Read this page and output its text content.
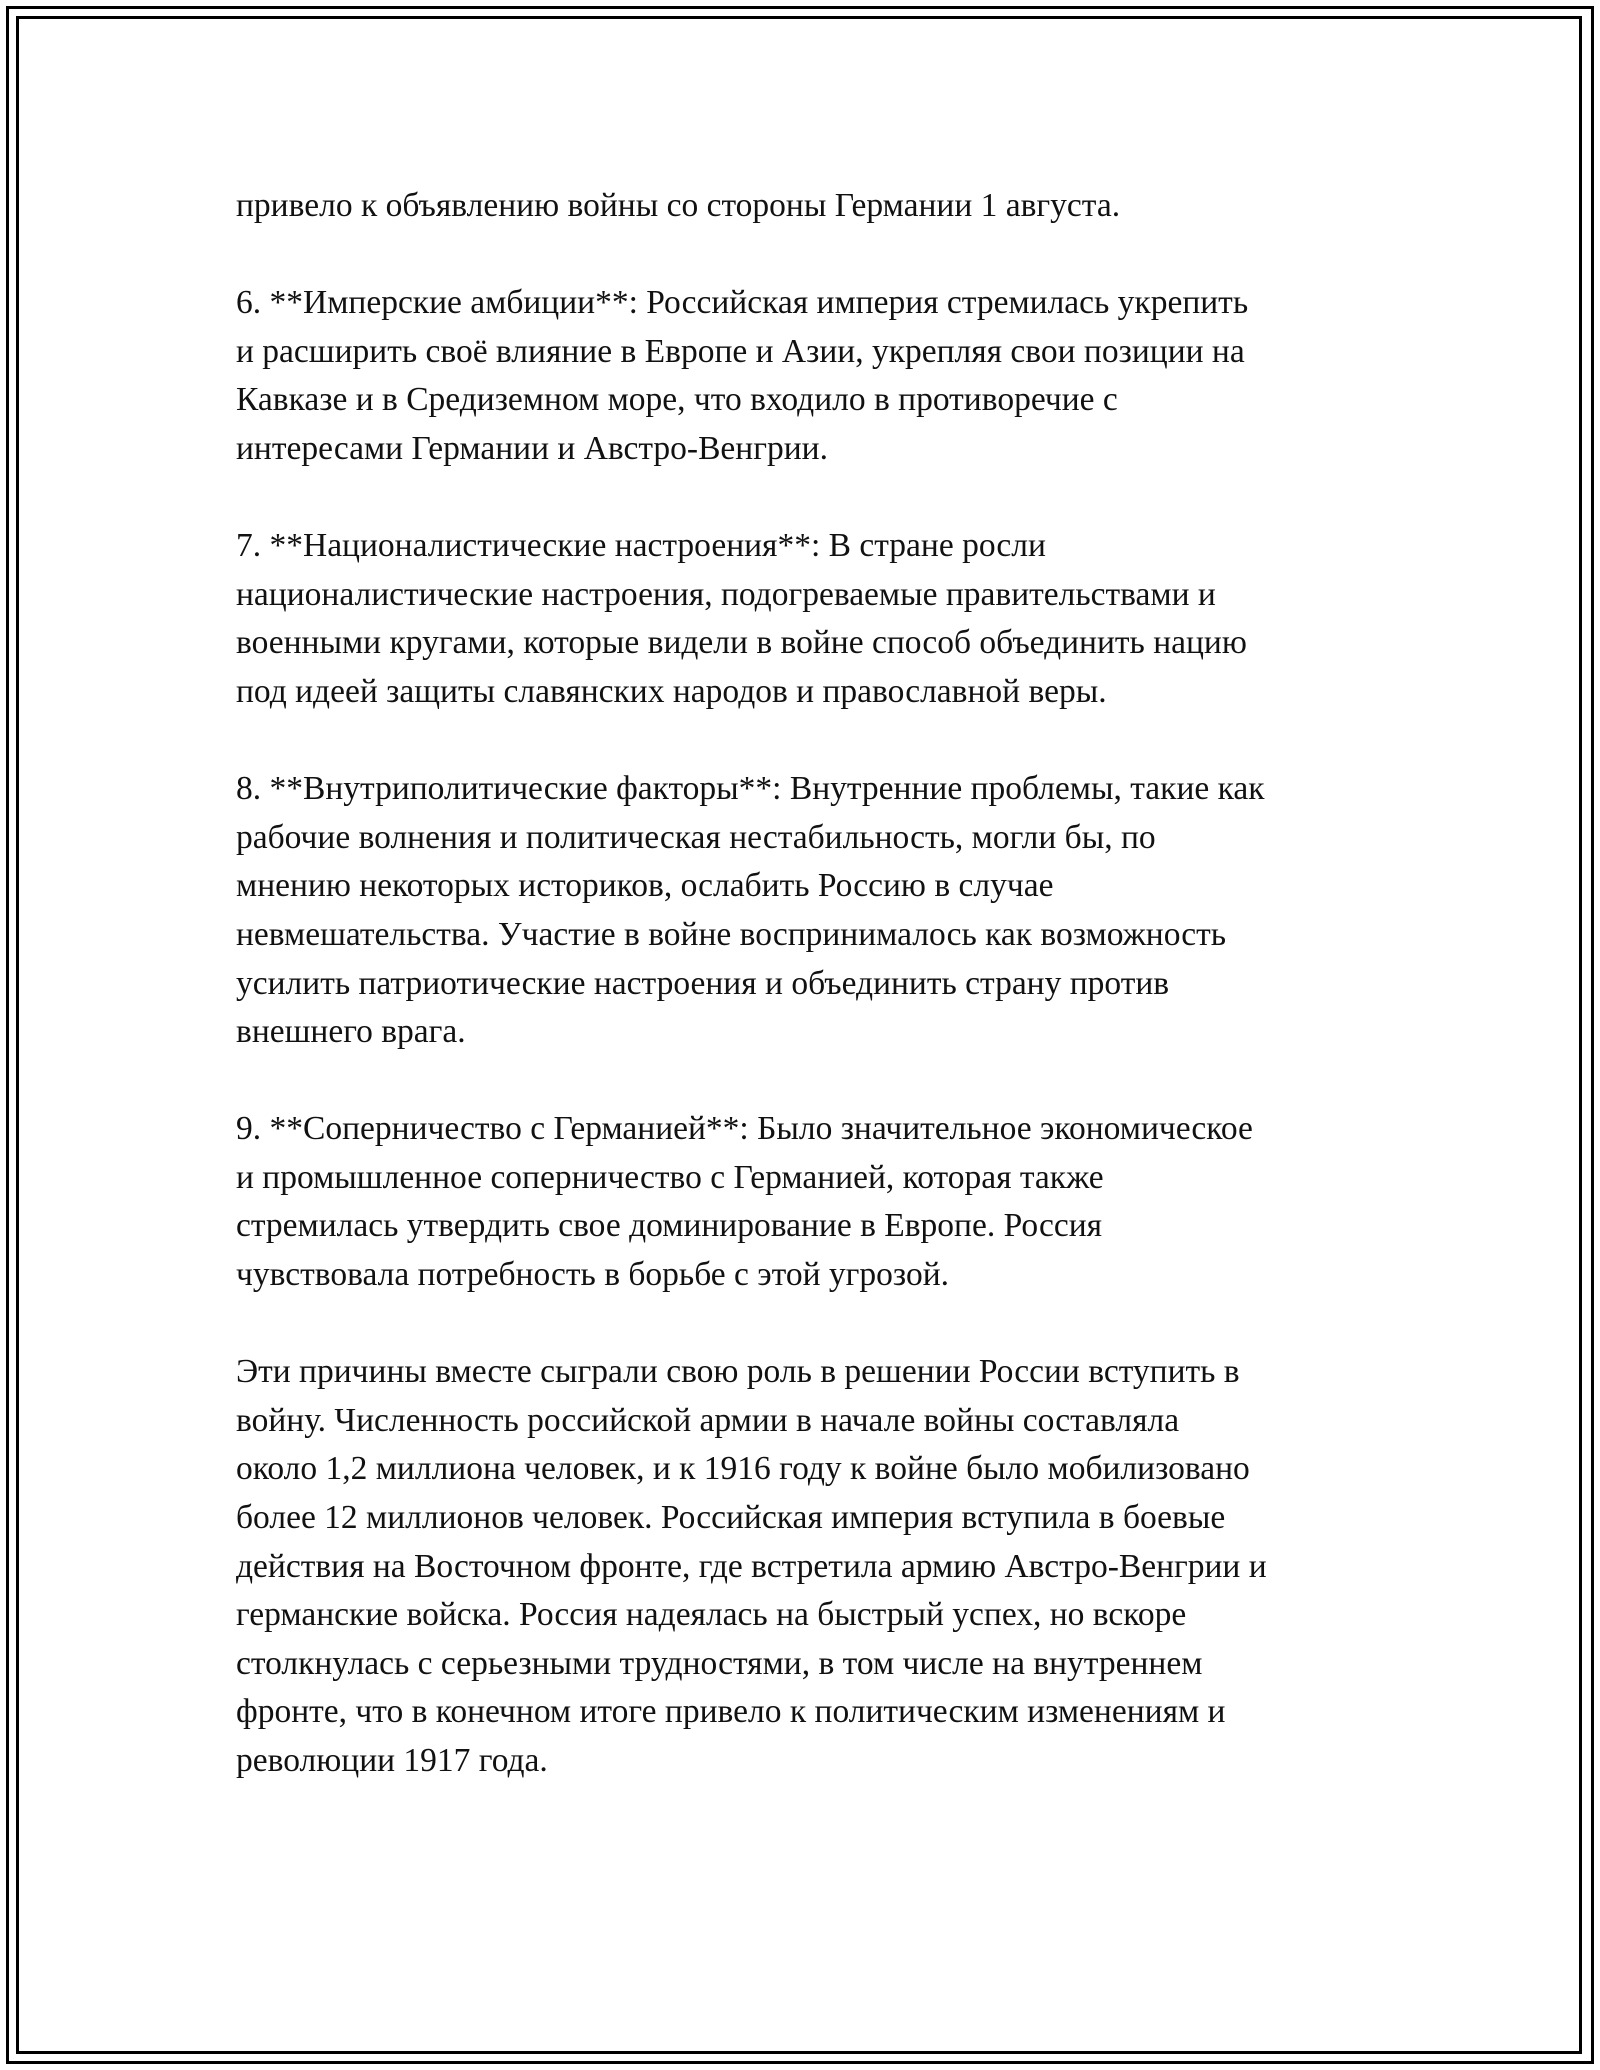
привело к объявлению войны со стороны Германии 1 августа.

6. **Имперские амбиции**: Российская империя стремилась укрепить
и расширить своё влияние в Европе и Азии, укрепляя свои позиции на
Кавказе и в Средиземном море, что входило в противоречие с
интересами Германии и Австро-Венгрии.

7. **Националистические настроения**: В стране росли
националистические настроения, подогреваемые правительствами и
военными кругами, которые видели в войне способ объединить нацию
под идеей защиты славянских народов и православной веры.

8. **Внутриполитические факторы**: Внутренние проблемы, такие как
рабочие волнения и политическая нестабильность, могли бы, по
мнению некоторых историков, ослабить Россию в случае
невмешательства. Участие в войне воспринималось как возможность
усилить патриотические настроения и объединить страну против
внешнего врага.

9. **Соперничество с Германией**: Было значительное экономическое
и промышленное соперничество с Германией, которая также
стремилась утвердить свое доминирование в Европе. Россия
чувствовала потребность в борьбе с этой угрозой.

Эти причины вместе сыграли свою роль в решении России вступить в
войну. Численность российской армии в начале войны составляла
около 1,2 миллиона человек, и к 1916 году к войне было мобилизовано
более 12 миллионов человек. Российская империя вступила в боевые
действия на Восточном фронте, где встретила армию Австро-Венгрии и
германские войска. Россия надеялась на быстрый успех, но вскоре
столкнулась с серьезными трудностями, в том числе на внутреннем
фронте, что в конечном итоге привело к политическим изменениям и
революции 1917 года.
